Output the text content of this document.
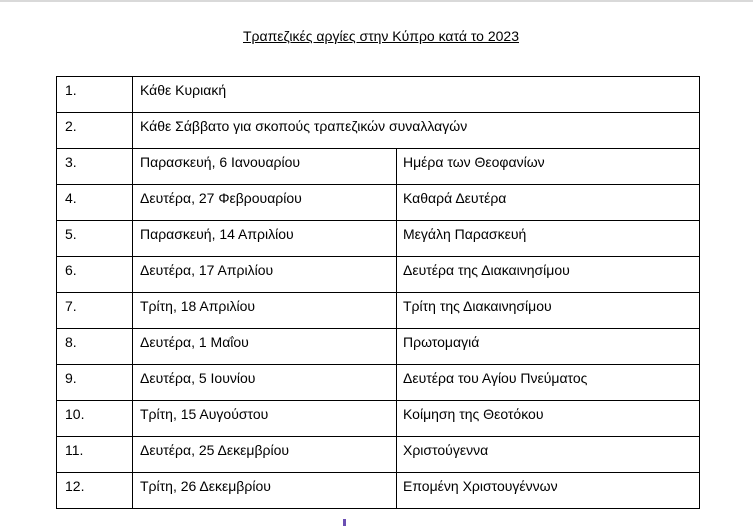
Τραπεζικές αργίες στην Κύπρο κατά το 2023
1.	Κάθε Κυριακή	

2.	Κάθε Σάββατο για σκοπούς τραπεζικών συναλλαγών	

3.	Παρασκευή, 6 Ιανουαρίου	Ημέρα των Θεοφανίων

4.	Δευτέρα, 27 Φεβρουαρίου	Καθαρά Δευτέρα

5.	Παρασκευή, 14 Απριλίου	Μεγάλη Παρασκευή

6.	Δευτέρα, 17 Απριλίου	Δευτέρα της Διακαινησίμου

7.	Τρίτη, 18 Απριλίου	Τρίτη της Διακαινησίμου

8.	Δευτέρα, 1 Μαΐου	Πρωτομαγιά

9.	Δευτέρα, 5 Ιουνίου	Δευτέρα του Αγίου Πνεύματος

10.	Τρίτη, 15 Αυγούστου	Κοίμηση της Θεοτόκου

11.	Δευτέρα, 25 Δεκεμβρίου	Χριστούγεννα

12.	Τρίτη, 26 Δεκεμβρίου	Επομένη Χριστουγέννων
